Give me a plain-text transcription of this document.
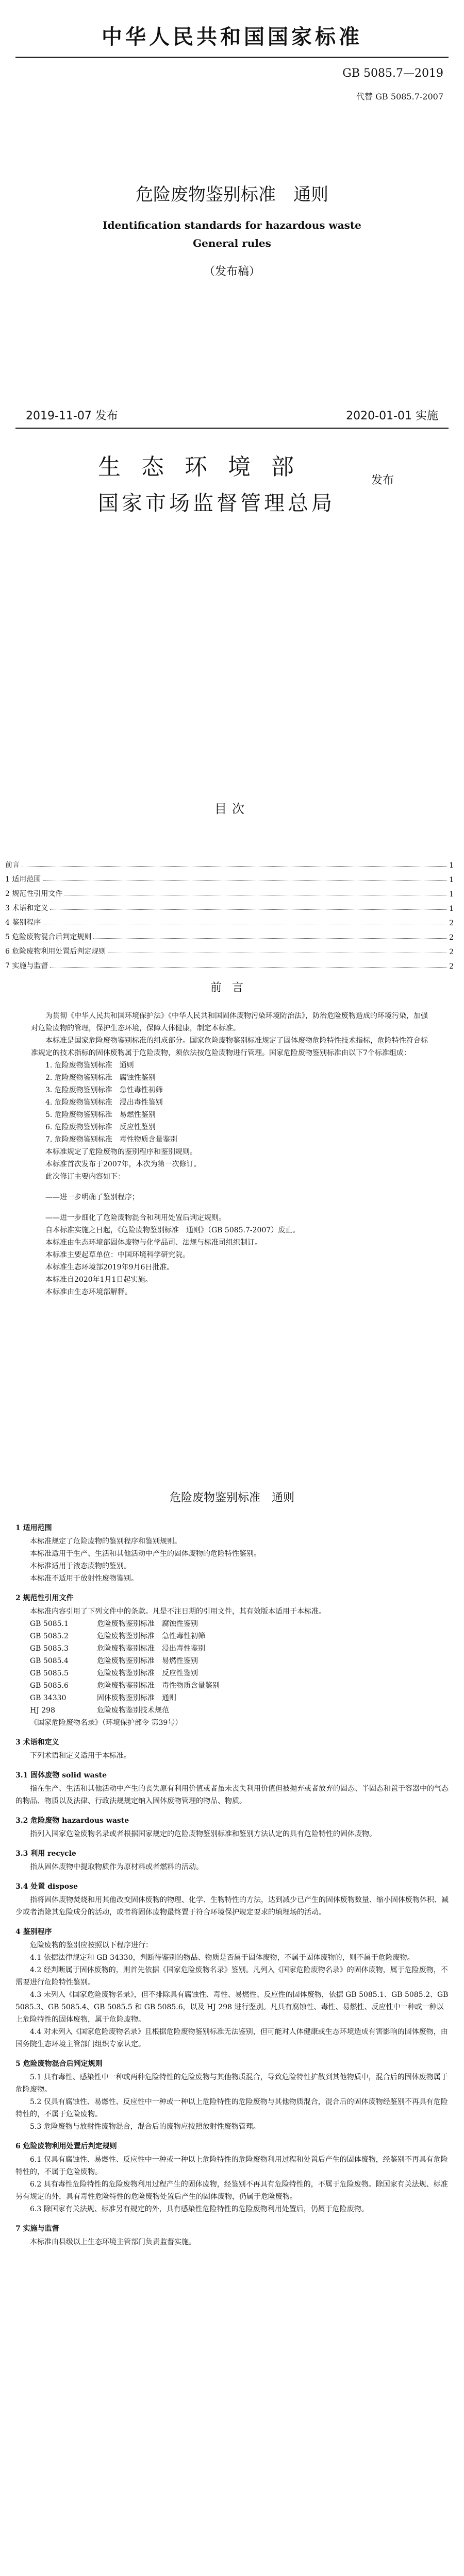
中华人民共和国国家标准
GB 5085.7—2019
代替 GB 5085.7-2007
危险废物鉴别标准　通则
Identification standards for hazardous waste
General rules
（发布稿）
2019-11-07 发布	2020-01-01 实施
生态环境部
国家市场监督管理总局
发布
目次
前言	1
1 适用范围	1
2 规范性引用文件	1
3 术语和定义	1
4 鉴别程序	2
5 危险废物混合后判定规则	2
6 危险废物利用处置后判定规则	2
7 实施与监督	2
前言

为贯彻《中华人民共和国环境保护法》《中华人民共和国固体废物污染环境防治法》，防治危险废物造成的环境污染，加强对危险废物的管理，保护生态环境，保障人体健康，制定本标准。

本标准是国家危险废物鉴别标准的组成部分。国家危险废物鉴别标准规定了固体废物危险特性技术指标，危险特性符合标准规定的技术指标的固体废物属于危险废物，须依法按危险废物进行管理。国家危险废物鉴别标准由以下7个标准组成：

1. 危险废物鉴别标准　通则

2. 危险废物鉴别标准　腐蚀性鉴别

3. 危险废物鉴别标准　急性毒性初筛

4. 危险废物鉴别标准　浸出毒性鉴别

5. 危险废物鉴别标准　易燃性鉴别

6. 危险废物鉴别标准　反应性鉴别

7. 危险废物鉴别标准　毒性物质含量鉴别

本标准规定了危险废物的鉴别程序和鉴别规则。

本标准首次发布于2007年，本次为第一次修订。

此次修订主要内容如下：

——进一步明确了鉴别程序；

——进一步细化了危险废物混合和利用处置后判定规则。

自本标准实施之日起，《危险废物鉴别标准　通则》（GB 5085.7-2007）废止。

本标准由生态环境部固体废物与化学品司、法规与标准司组织制订。

本标准主要起草单位：中国环境科学研究院。

本标准生态环境部2019年9月6日批准。

本标准自2020年1月1日起实施。

本标准由生态环境部解释。

危险废物鉴别标准　通则
1 适用范围

本标准规定了危险废物的鉴别程序和鉴别规则。

本标准适用于生产、生活和其他活动中产生的固体废物的危险特性鉴别。

本标准适用于液态废物的鉴别。

本标准不适用于放射性废物鉴别。

2 规范性引用文件

本标准内容引用了下列文件中的条款。凡是不注日期的引用文件，其有效版本适用于本标准。

GB 5085.1	危险废物鉴别标准　腐蚀性鉴别
GB 5085.2	危险废物鉴别标准　急性毒性初筛
GB 5085.3	危险废物鉴别标准　浸出毒性鉴别
GB 5085.4	危险废物鉴别标准　易燃性鉴别
GB 5085.5	危险废物鉴别标准　反应性鉴别
GB 5085.6	危险废物鉴别标准　毒性物质含量鉴别
GB 34330	固体废物鉴别标准　通则
HJ 298	危险废物鉴别技术规范

《国家危险废物名录》（环境保护部令 第39号）

3 术语和定义

下列术语和定义适用于本标准。

3.1 固体废物 solid waste

指在生产、生活和其他活动中产生的丧失原有利用价值或者虽未丧失利用价值但被抛弃或者放弃的固态、半固态和置于容器中的气态的物品、物质以及法律、行政法规规定纳入固体废物管理的物品、物质。

3.2 危险废物 hazardous waste

指列入国家危险废物名录或者根据国家规定的危险废物鉴别标准和鉴别方法认定的具有危险特性的固体废物。

3.3 利用 recycle

指从固体废物中提取物质作为原材料或者燃料的活动。

3.4 处置 dispose

指将固体废物焚烧和用其他改变固体废物的物理、化学、生物特性的方法，达到减少已产生的固体废物数量、缩小固体废物体积、减少或者消除其危险成分的活动，或者将固体废物最终置于符合环境保护规定要求的填埋场的活动。

4 鉴别程序

危险废物的鉴别应按照以下程序进行：

4.1 依据法律规定和 GB 34330，判断待鉴别的物品、物质是否属于固体废物，不属于固体废物的，则不属于危险废物。

4.2 经判断属于固体废物的，则首先依据《国家危险废物名录》鉴别。凡列入《国家危险废物名录》的固体废物，属于危险废物，不需要进行危险特性鉴别。

4.3 未列入《国家危险废物名录》，但不排除具有腐蚀性、毒性、易燃性、反应性的固体废物，依据 GB 5085.1、GB 5085.2、GB 5085.3、GB 5085.4、GB 5085.5 和 GB 5085.6，以及 HJ 298 进行鉴别。凡具有腐蚀性、毒性、易燃性、反应性中一种或一种以上危险特性的固体废物，属于危险废物。

4.4 对未列入《国家危险废物名录》且根据危险废物鉴别标准无法鉴别，但可能对人体健康或生态环境造成有害影响的固体废物，由国务院生态环境主管部门组织专家认定。

5 危险废物混合后判定规则

5.1 具有毒性、感染性中一种或两种危险特性的危险废物与其他物质混合，导致危险特性扩散到其他物质中，混合后的固体废物属于危险废物。

5.2 仅具有腐蚀性、易燃性、反应性中一种或一种以上危险特性的危险废物与其他物质混合，混合后的固体废物经鉴别不再具有危险特性的，不属于危险废物。

5.3 危险废物与放射性废物混合，混合后的废物应按照放射性废物管理。

6 危险废物利用处置后判定规则

6.1 仅具有腐蚀性、易燃性、反应性中一种或一种以上危险特性的危险废物利用过程和处置后产生的固体废物，经鉴别不再具有危险特性的，不属于危险废物。

6.2 具有毒性危险特性的危险废物利用过程产生的固体废物，经鉴别不再具有危险特性的，不属于危险废物。除国家有关法规、标准另有规定的外，具有毒性危险特性的危险废物处置后产生的固体废物，仍属于危险废物。

6.3 除国家有关法规、标准另有规定的外，具有感染性危险特性的危险废物利用处置后，仍属于危险废物。

7 实施与监督

本标准由县级以上生态环境主管部门负责监督实施。
